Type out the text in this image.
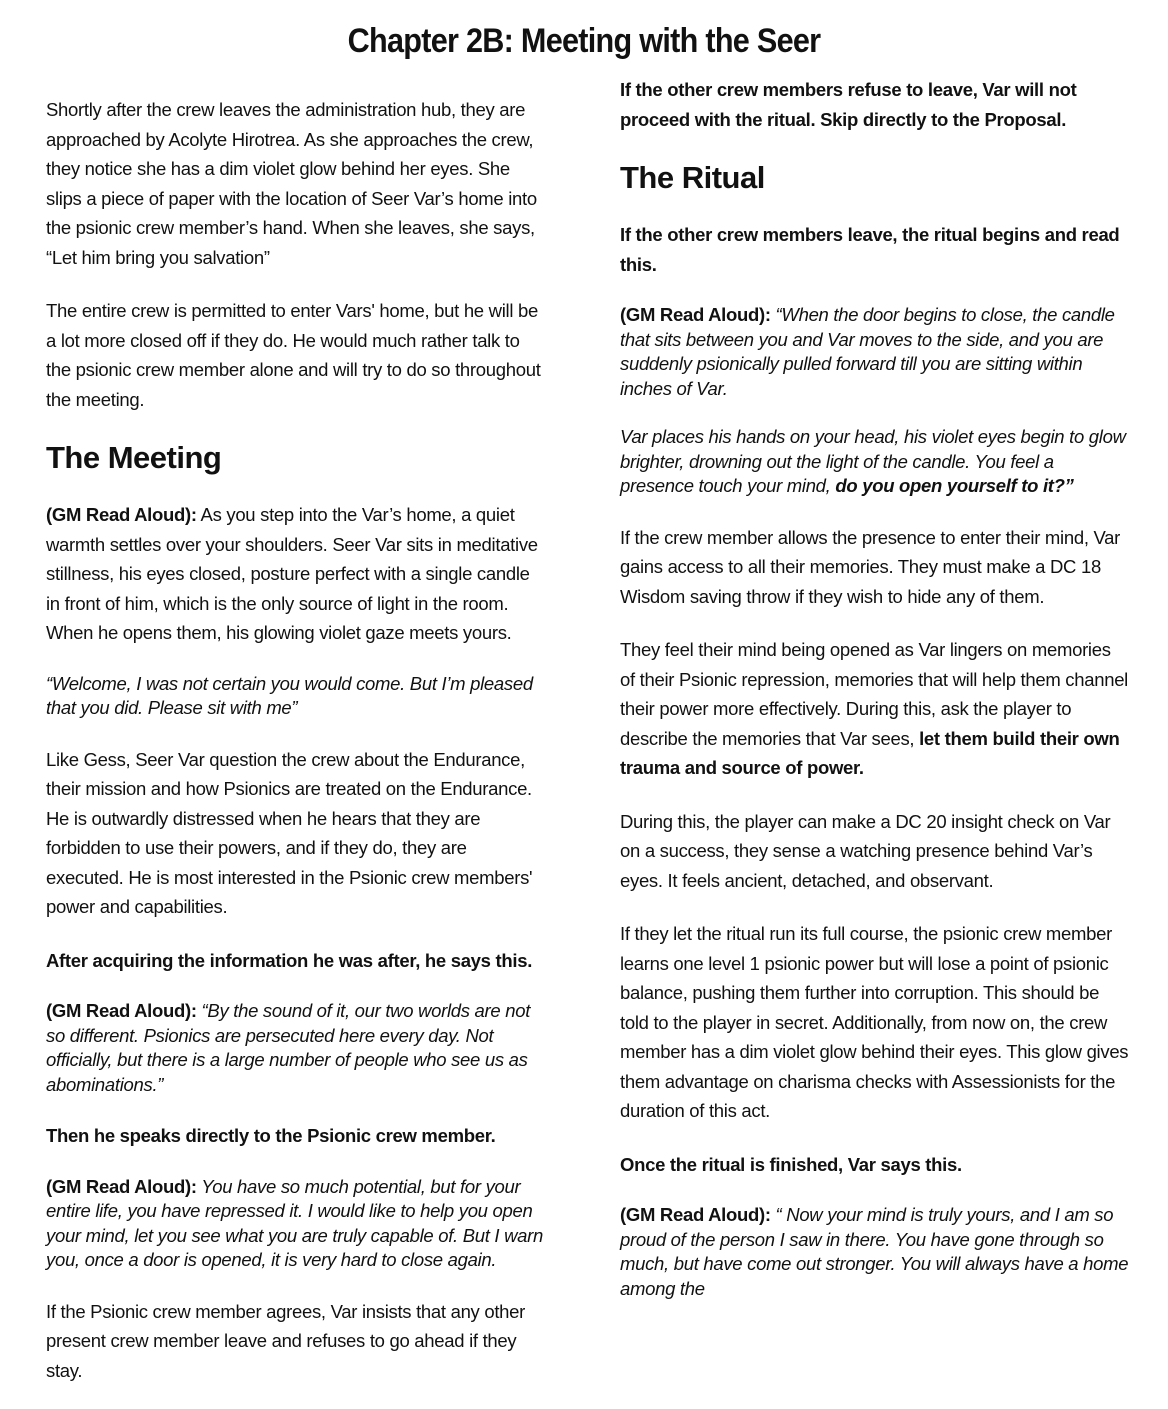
Chapter 2B: Meeting with the Seer

Shortly after the crew leaves the administration hub, they are approached by Acolyte Hirotrea. As she approaches the crew, they notice she has a dim violet glow behind her eyes. She slips a piece of paper with the location of Seer Var’s home into the psionic crew member’s hand. When she leaves, she says, “Let him bring you salvation”

The entire crew is permitted to enter Vars' home, but he will be a lot more closed off if they do. He would much rather talk to the psionic crew member alone and will try to do so throughout the meeting.

The Meeting

(GM Read Aloud): As you step into the Var’s home, a quiet warmth settles over your shoulders. Seer Var sits in meditative stillness, his eyes closed, posture perfect with a single candle in front of him, which is the only source of light in the room. When he opens them, his glowing violet gaze meets yours.

“Welcome, I was not certain you would come. But I’m pleased that you did. Please sit with me”

Like Gess, Seer Var question the crew about the Endurance, their mission and how Psionics are treated on the Endurance. He is outwardly distressed when he hears that they are forbidden to use their powers, and if they do, they are executed. He is most interested in the Psionic crew members' power and capabilities.

After acquiring the information he was after, he says this.

(GM Read Aloud): “By the sound of it, our two worlds are not so different. Psionics are persecuted here every day. Not officially, but there is a large number of people who see us as abominations.”

Then he speaks directly to the Psionic crew member.

(GM Read Aloud): You have so much potential, but for your entire life, you have repressed it. I would like to help you open your mind, let you see what you are truly capable of. But I warn you, once a door is opened, it is very hard to close again.

If the Psionic crew member agrees, Var insists that any other present crew member leave and refuses to go ahead if they stay.

If the other crew members refuse to leave, Var will not proceed with the ritual. Skip directly to the Proposal.

The Ritual

If the other crew members leave, the ritual begins and read this.

(GM Read Aloud): “When the door begins to close, the candle that sits between you and Var moves to the side, and you are suddenly psionically pulled forward till you are sitting within inches of Var.

Var places his hands on your head, his violet eyes begin to glow brighter, drowning out the light of the candle. You feel a presence touch your mind, do you open yourself to it?”

If the crew member allows the presence to enter their mind, Var gains access to all their memories. They must make a DC 18 Wisdom saving throw if they wish to hide any of them.

They feel their mind being opened as Var lingers on memories of their Psionic repression, memories that will help them channel their power more effectively. During this, ask the player to describe the memories that Var sees, let them build their own trauma and source of power.

During this, the player can make a DC 20 insight check on Var on a success, they sense a watching presence behind Var’s eyes. It feels ancient, detached, and observant.

If they let the ritual run its full course, the psionic crew member learns one level 1 psionic power but will lose a point of psionic balance, pushing them further into corruption. This should be told to the player in secret. Additionally, from now on, the crew member has a dim violet glow behind their eyes. This glow gives them advantage on charisma checks with Assessionists for the duration of this act.

Once the ritual is finished, Var says this.

(GM Read Aloud): “ Now your mind is truly yours, and I am so proud of the person I saw in there. You have gone through so much, but have come out stronger. You will always have a home among the
